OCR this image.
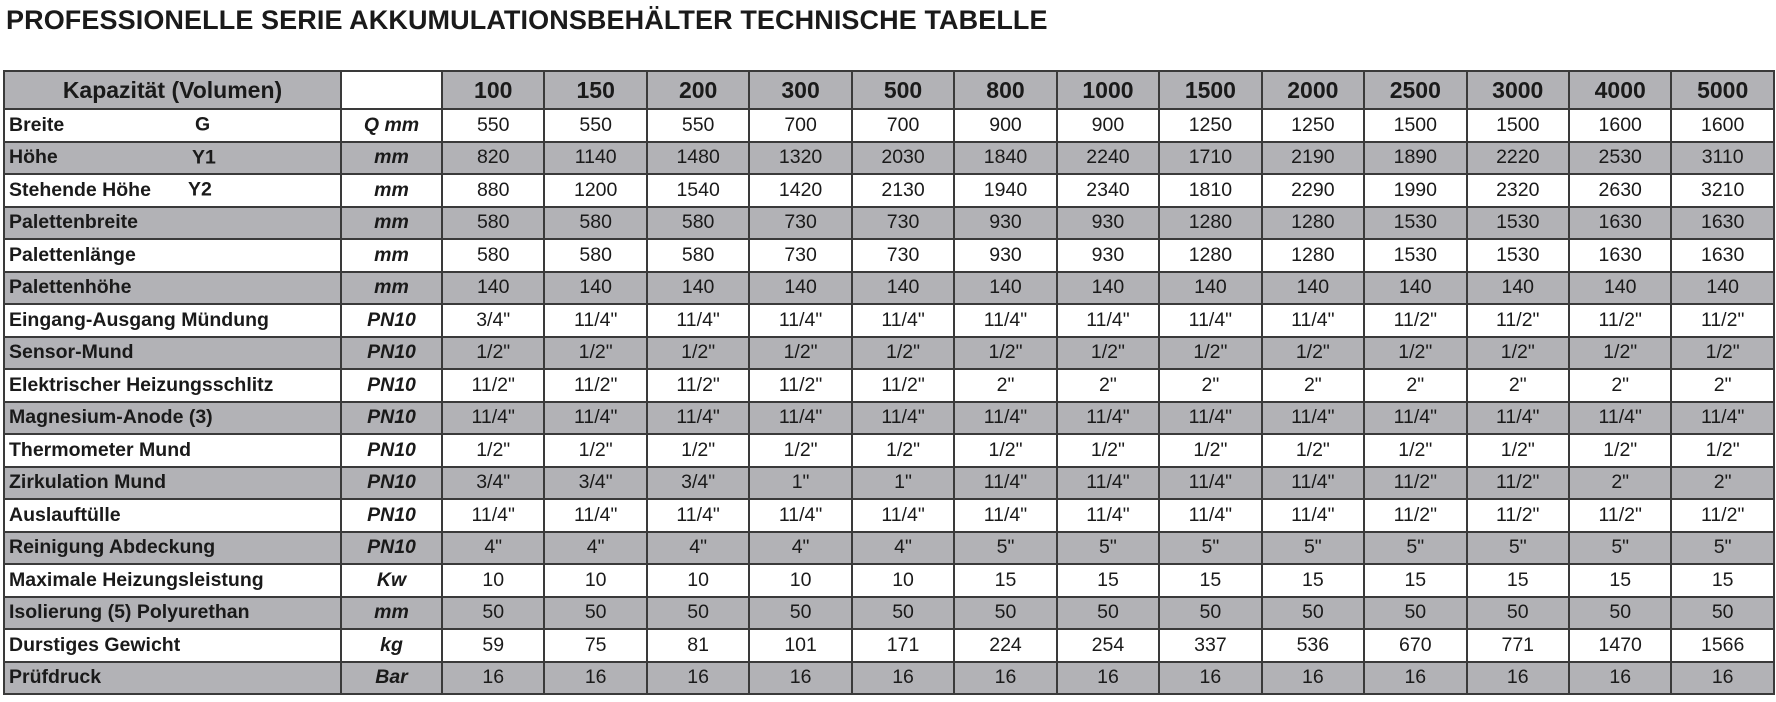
PROFESSIONELLE SERIE AKKUMULATIONSBEHÄLTER TECHNISCHE TABELLE
Kapazität (Volumen)		100	150	200	300	500	800	1000	1500	2000	2500	3000	4000	5000
Breite G	Q mm	550	550	550	700	700	900	900	1250	1250	1500	1500	1600	1600
Höhe Y1	mm	820	1140	1480	1320	2030	1840	2240	1710	2190	1890	2220	2530	3110
Stehende Höhe Y2	mm	880	1200	1540	1420	2130	1940	2340	1810	2290	1990	2320	2630	3210
Palettenbreite	mm	580	580	580	730	730	930	930	1280	1280	1530	1530	1630	1630
Palettenlänge	mm	580	580	580	730	730	930	930	1280	1280	1530	1530	1630	1630
Palettenhöhe	mm	140	140	140	140	140	140	140	140	140	140	140	140	140
Eingang-Ausgang Mündung	PN10	3/4"	11/4"	11/4"	11/4"	11/4"	11/4"	11/4"	11/4"	11/4"	11/2"	11/2"	11/2"	11/2"
Sensor-Mund	PN10	1/2"	1/2"	1/2"	1/2"	1/2"	1/2"	1/2"	1/2"	1/2"	1/2"	1/2"	1/2"	1/2"
Elektrischer Heizungsschlitz	PN10	11/2"	11/2"	11/2"	11/2"	11/2"	2"	2"	2"	2"	2"	2"	2"	2"
Magnesium-Anode (3)	PN10	11/4"	11/4"	11/4"	11/4"	11/4"	11/4"	11/4"	11/4"	11/4"	11/4"	11/4"	11/4"	11/4"
Thermometer Mund	PN10	1/2"	1/2"	1/2"	1/2"	1/2"	1/2"	1/2"	1/2"	1/2"	1/2"	1/2"	1/2"	1/2"
Zirkulation Mund	PN10	3/4"	3/4"	3/4"	1"	1"	11/4"	11/4"	11/4"	11/4"	11/2"	11/2"	2"	2"
Auslauftülle	PN10	11/4"	11/4"	11/4"	11/4"	11/4"	11/4"	11/4"	11/4"	11/4"	11/2"	11/2"	11/2"	11/2"
Reinigung Abdeckung	PN10	4"	4"	4"	4"	4"	5"	5"	5"	5"	5"	5"	5"	5"
Maximale Heizungsleistung	Kw	10	10	10	10	10	15	15	15	15	15	15	15	15
Isolierung (5) Polyurethan	mm	50	50	50	50	50	50	50	50	50	50	50	50	50
Durstiges Gewicht	kg	59	75	81	101	171	224	254	337	536	670	771	1470	1566
Prüfdruck	Bar	16	16	16	16	16	16	16	16	16	16	16	16	16
